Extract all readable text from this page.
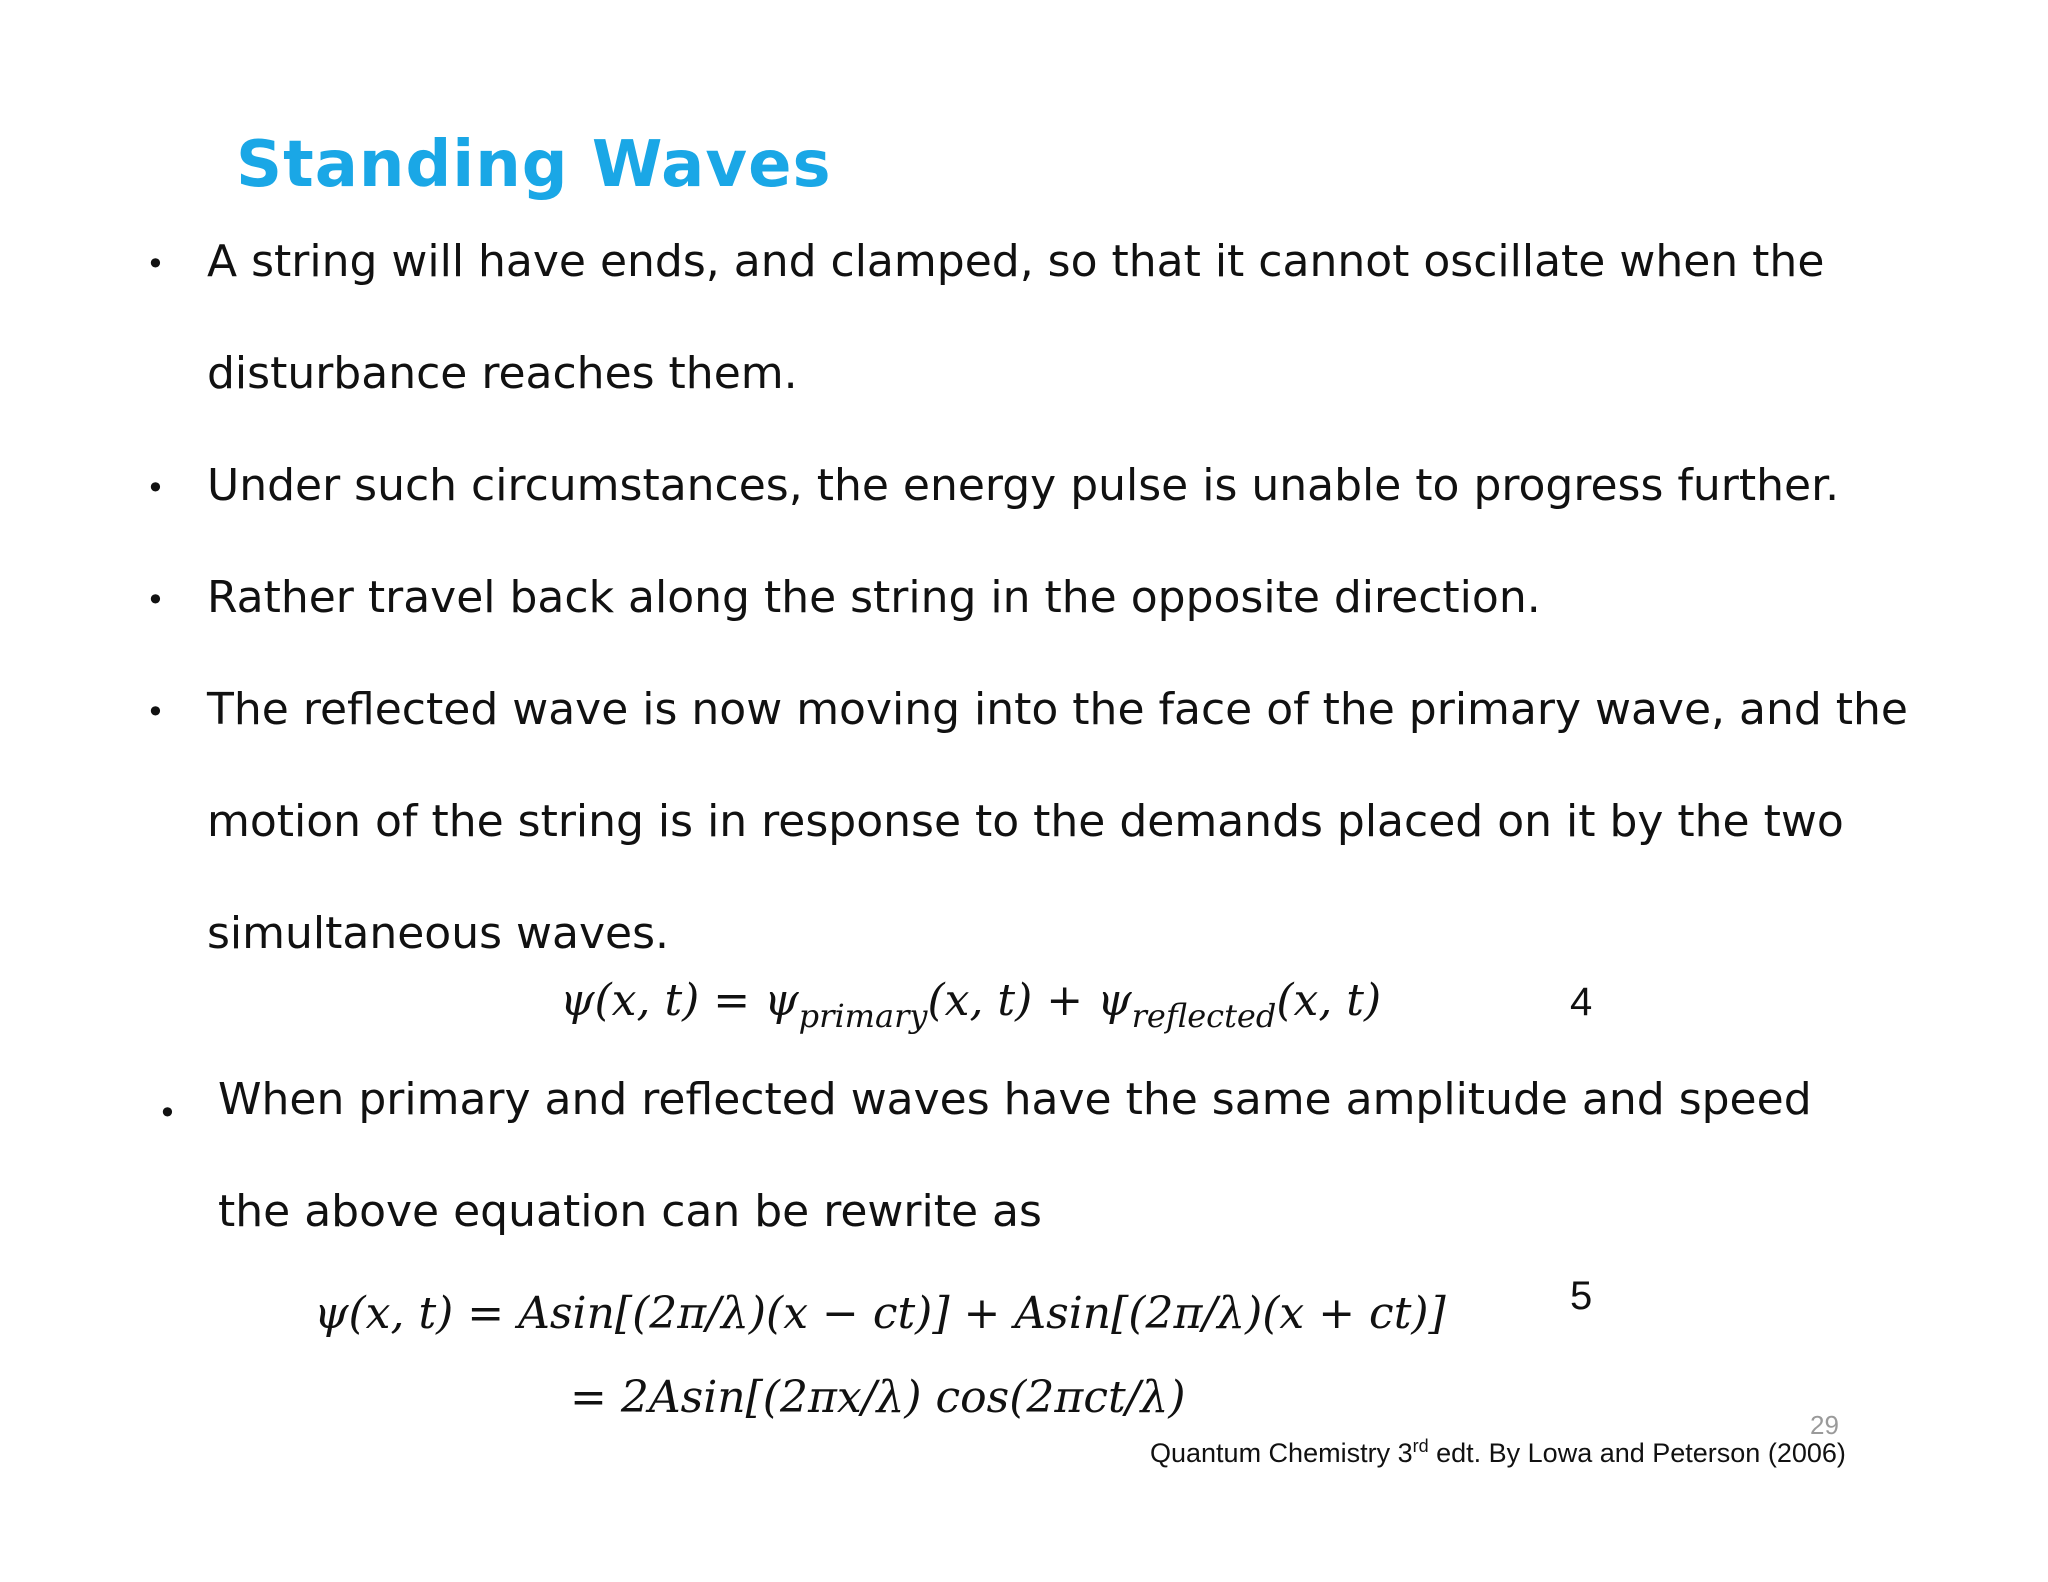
Standing Waves
• A string will have ends, and clamped, so that it cannot oscillate when the
disturbance reaches them.
• Under such circumstances, the energy pulse is unable to progress further.
• Rather travel back along the string in the opposite direction.
• The reflected wave is now moving into the face of the primary wave, and the
motion of the string is in response to the demands placed on it by the two
simultaneous waves.
ψ(x, $t) = \psi_{primary}(x$, $t) + \psi_{reflected}(x$, t)	4
• When primary and reflected waves have the same amplitude and speed
the above equation can be rewrite as
ψ(x, t) = Asin[(2π/λ)(x − ct)] + Asin[(2π/λ)(x + ct)]	5
= 2Asin[(2πx/λ) cos(2πct/λ)
Quantum Chemistry 3rd edt. By Lowa and Peterson (2006)
29
